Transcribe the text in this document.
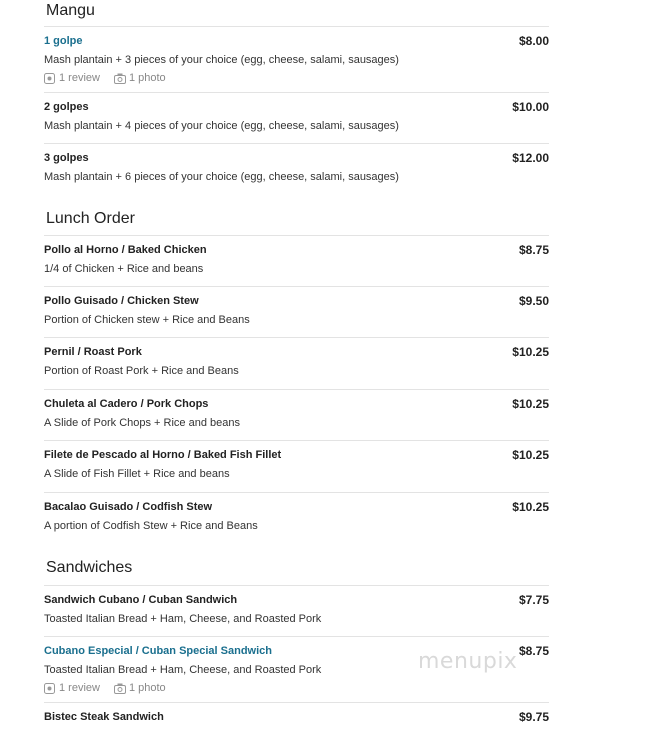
Mangu
1 golpe	$8.00
Mash plantain + 3 pieces of your choice (egg, cheese, salami, sausages)
1 review	1 photo
2 golpes	$10.00
Mash plantain + 4 pieces of your choice (egg, cheese, salami, sausages)
3 golpes	$12.00
Mash plantain + 6 pieces of your choice (egg, cheese, salami, sausages)
Lunch Order
Pollo al Horno / Baked Chicken	$8.75
1/4 of Chicken + Rice and beans
Pollo Guisado / Chicken Stew	$9.50
Portion of Chicken stew + Rice and Beans
Pernil / Roast Pork	$10.25
Portion of Roast Pork + Rice and Beans
Chuleta al Cadero / Pork Chops	$10.25
A Slide of Pork Chops + Rice and beans
Filete de Pescado al Horno / Baked Fish Fillet	$10.25
A Slide of Fish Fillet + Rice and beans
Bacalao Guisado / Codfish Stew	$10.25
A portion of Codfish Stew + Rice and Beans
Sandwiches
Sandwich Cubano / Cuban Sandwich	$7.75
Toasted Italian Bread + Ham, Cheese, and Roasted Pork
Cubano Especial / Cuban Special Sandwich	$8.75
Toasted Italian Bread + Ham, Cheese, and Roasted Pork
1 review	1 photo
Bistec Steak Sandwich	$9.75
menupix
